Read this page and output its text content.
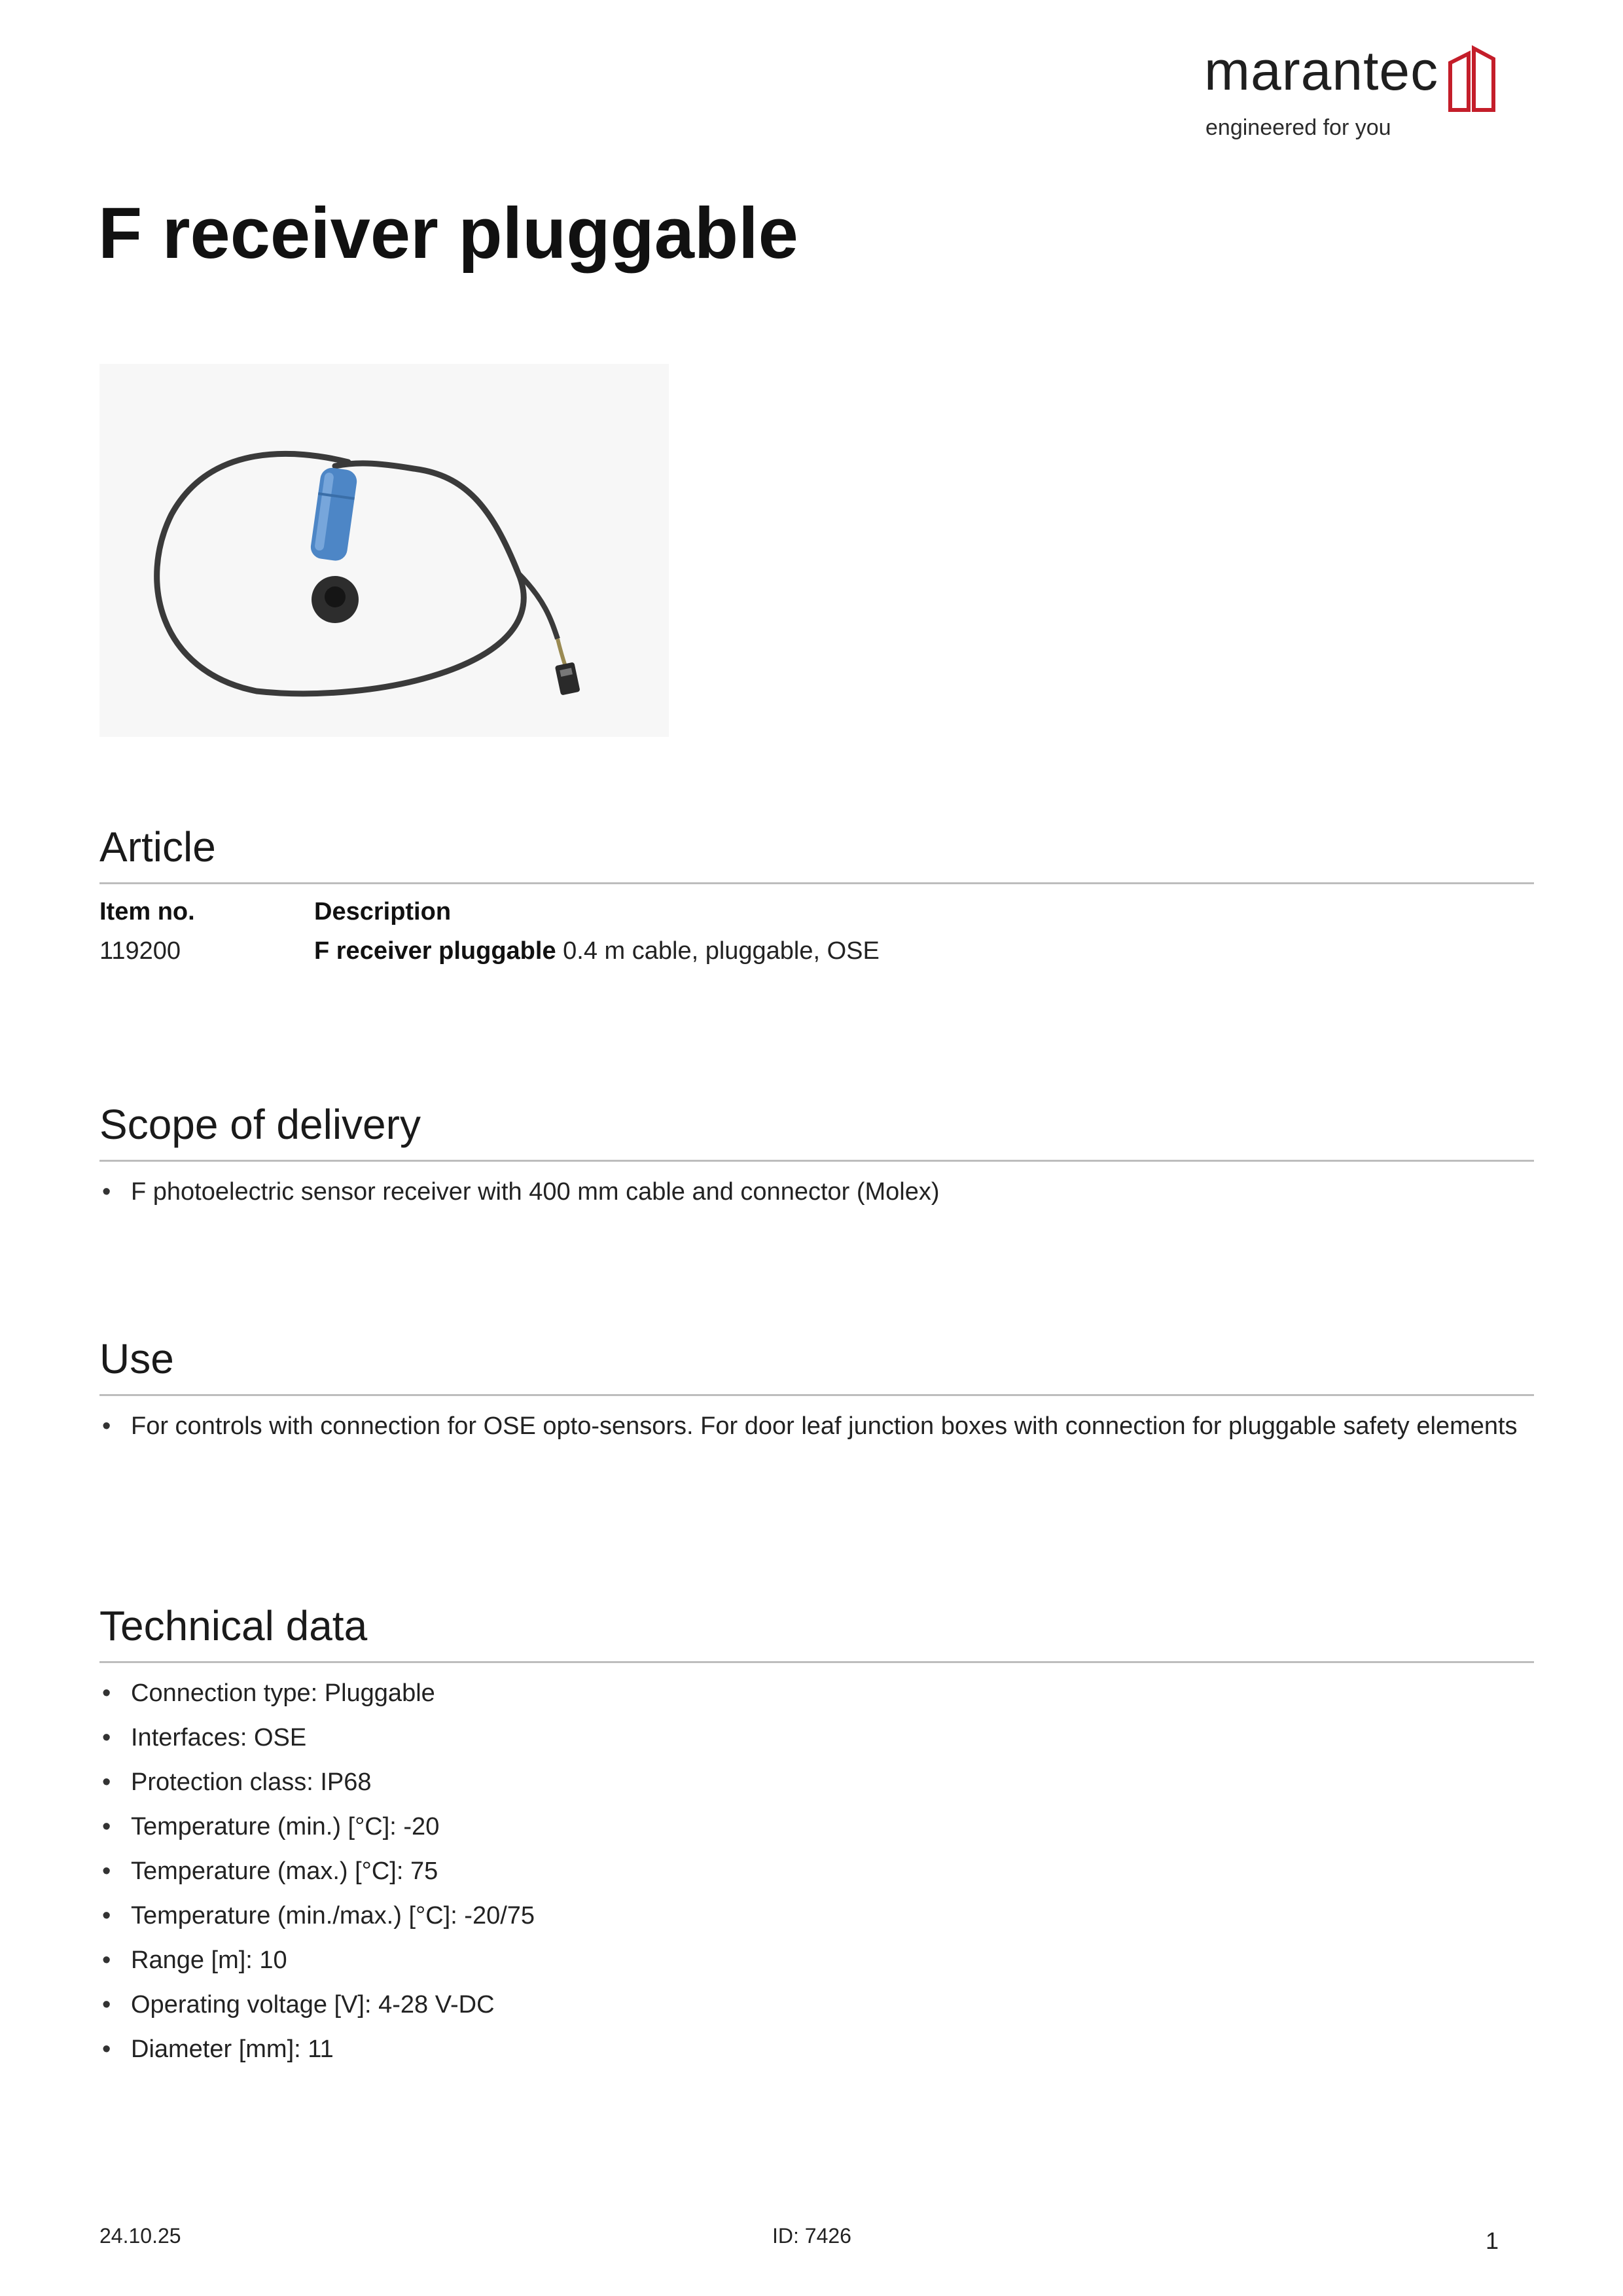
marantec
engineered for you
F receiver pluggable
Article
Item no.	Description
119200	F receiver pluggable 0.4 m cable, pluggable, OSE
Scope of delivery
• F photoelectric sensor receiver with 400 mm cable and connector (Molex)
Use
• For controls with connection for OSE opto-sensors. For door leaf junction boxes with connection for pluggable safety elements
Technical data
• Connection type: Pluggable
• Interfaces: OSE
• Protection class: IP68
• Temperature (min.) [°C]: -20
• Temperature (max.) [°C]: 75
• Temperature (min./max.) [°C]: -20/75
• Range [m]: 10
• Operating voltage [V]: 4-28 V-DC
• Diameter [mm]: 11
24.10.25	ID: 7426	1
